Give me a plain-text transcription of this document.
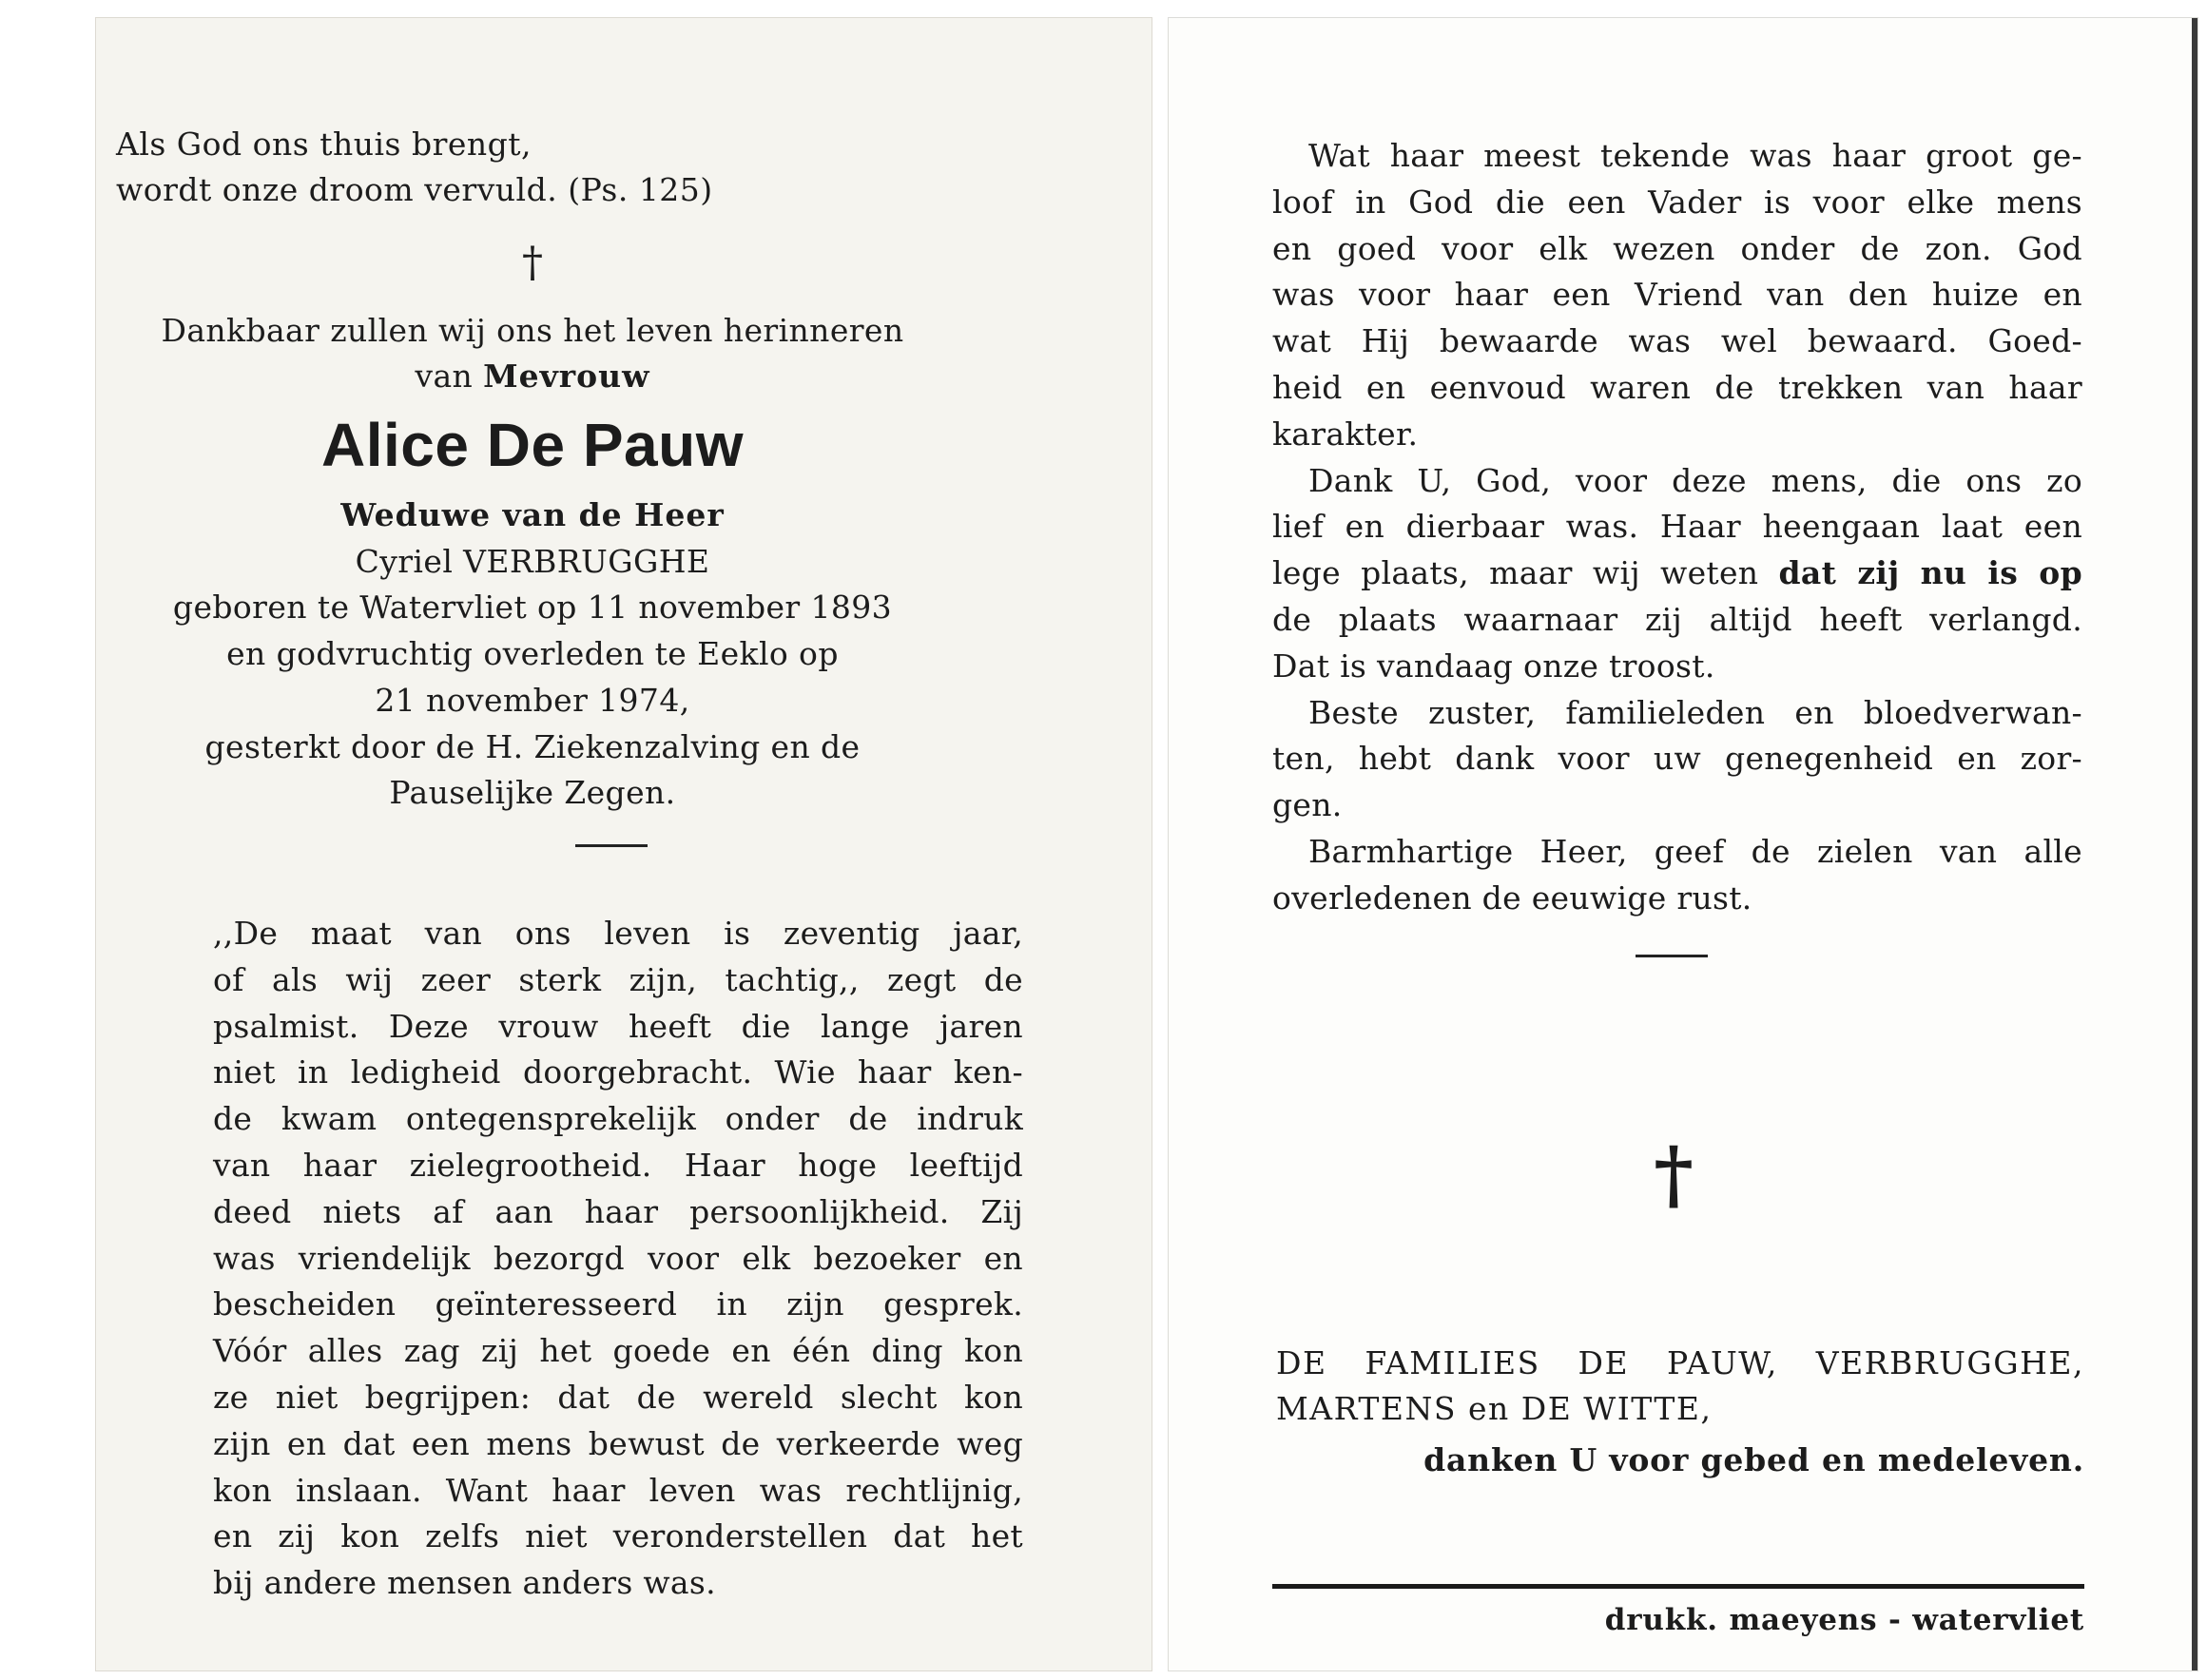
Als God ons thuis brengt,
wordt onze droom vervuld. (Ps. 125)
†
Dankbaar zullen wij ons het leven herinneren
van Mevrouw
Alice De Pauw
Weduwe van de Heer
Cyriel VERBRUGGHE
geboren te Watervliet op 11 november 1893
en godvruchtig overleden te Eeklo op
21 november 1974,
gesterkt door de H. Ziekenzalving en de
Pauselijke Zegen.
,,De maat van ons leven is zeventig jaar,
of als wij zeer sterk zijn, tachtig,, zegt de
psalmist. Deze vrouw heeft die lange jaren
niet in ledigheid doorgebracht. Wie haar ken-
de kwam ontegensprekelijk onder de indruk
van haar zielegrootheid. Haar hoge leeftijd
deed niets af aan haar persoonlijkheid. Zij
was vriendelijk bezorgd voor elk bezoeker en
bescheiden geïnteresseerd in zijn gesprek.
Vóór alles zag zij het goede en één ding kon
ze niet begrijpen: dat de wereld slecht kon
zijn en dat een mens bewust de verkeerde weg
kon inslaan. Want haar leven was rechtlijnig,
en zij kon zelfs niet veronderstellen dat het
bij andere mensen anders was.
Wat haar meest tekende was haar groot ge-
loof in God die een Vader is voor elke mens
en goed voor elk wezen onder de zon. God
was voor haar een Vriend van den huize en
wat Hij bewaarde was wel bewaard. Goed-
heid en eenvoud waren de trekken van haar
karakter.
Dank U, God, voor deze mens, die ons zo
lief en dierbaar was. Haar heengaan laat een
lege plaats, maar wij weten dat zij nu is op
de plaats waarnaar zij altijd heeft verlangd.
Dat is vandaag onze troost.
Beste zuster, familieleden en bloedverwan-
ten, hebt dank voor uw genegenheid en zor-
gen.
Barmhartige Heer, geef de zielen van alle
overledenen de eeuwige rust.
†
DE FAMILIES DE PAUW, VERBRUGGHE,
MARTENS en DE WITTE,
danken U voor gebed en medeleven.
drukk. maeyens - watervliet
